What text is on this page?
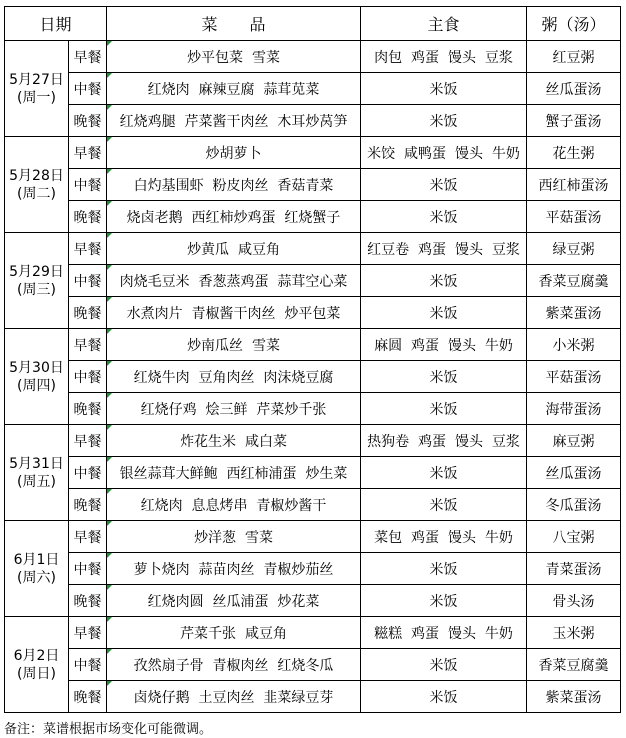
日期		菜　　品	主食	粥（汤）

5月27日
(周一)	早餐	炒平包菜  雪菜	肉包  鸡蛋  馒头  豆浆	红豆粥
	中餐	红烧肉  麻辣豆腐  蒜茸苋菜	米饭	丝瓜蛋汤
	晚餐	红烧鸡腿  芹菜酱干肉丝  木耳炒莴笋	米饭	蟹子蛋汤

5月28日
(周二)	早餐	炒胡萝卜	米饺  咸鸭蛋  馒头  牛奶	花生粥
	中餐	白灼基围虾  粉皮肉丝  香菇青菜	米饭	西红柿蛋汤
	晚餐	烧卤老鹅  西红柿炒鸡蛋  红烧蟹子	米饭	平菇蛋汤

5月29日
(周三)	早餐	炒黄瓜  咸豆角	红豆卷  鸡蛋  馒头  豆浆	绿豆粥
	中餐	肉烧毛豆米  香葱蒸鸡蛋  蒜茸空心菜	米饭	香菜豆腐羹
	晚餐	水煮肉片  青椒酱干肉丝  炒平包菜	米饭	紫菜蛋汤

5月30日
(周四)	早餐	炒南瓜丝  雪菜	麻圆  鸡蛋  馒头  牛奶	小米粥
	中餐	红烧牛肉  豆角肉丝  肉沫烧豆腐	米饭	平菇蛋汤
	晚餐	红烧仔鸡  烩三鲜  芹菜炒千张	米饭	海带蛋汤

5月31日
(周五)	早餐	炸花生米  咸白菜	热狗卷  鸡蛋  馒头  豆浆	麻豆粥
	中餐	银丝蒜茸大鲜鲍  西红柿浦蛋  炒生菜	米饭	丝瓜蛋汤
	晚餐	红烧肉  息息烤串  青椒炒酱干	米饭	冬瓜蛋汤

6月1日
(周六)	早餐	炒洋葱  雪菜	菜包  鸡蛋  馒头  牛奶	八宝粥
	中餐	萝卜烧肉  蒜苗肉丝  青椒炒茄丝	米饭	青菜蛋汤
	晚餐	红烧肉圆  丝瓜浦蛋  炒花菜	米饭	骨头汤

6月2日
(周日)	早餐	芹菜千张  咸豆角	糍糕  鸡蛋  馒头  牛奶	玉米粥
	中餐	孜然扇子骨  青椒肉丝  红烧冬瓜	米饭	香菜豆腐羹
	晚餐	卤烧仔鹅  土豆肉丝  韭菜绿豆芽	米饭	紫菜蛋汤
备注：菜谱根据市场变化可能微调。
